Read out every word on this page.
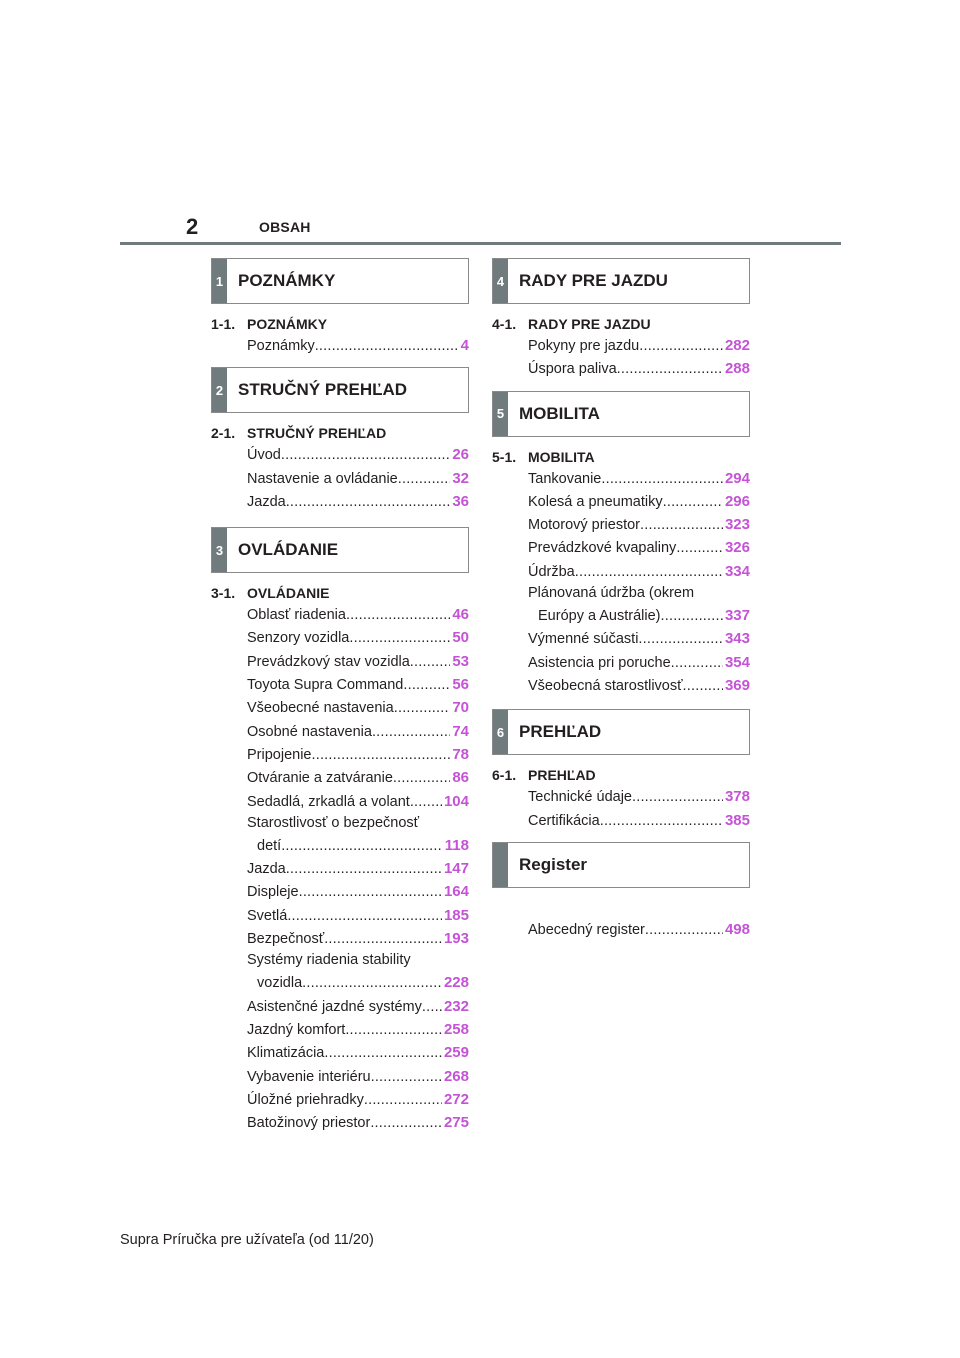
2	OBSAH
1 POZNÁMKY
1-1. POZNÁMKY
Poznámky .....	4
2 STRUČNÝ PREHĽAD
2-1. STRUČNÝ PREHĽAD
Úvod .....	26
Nastavenie a ovládanie .....	32
Jazda .....	36
3 OVLÁDANIE
3-1. OVLÁDANIE
Oblasť riadenia .....	46
Senzory vozidla .....	50
Prevádzkový stav vozidla .....	53
Toyota Supra Command .....	56
Všeobecné nastavenia .....	70
Osobné nastavenia .....	74
Pripojenie .....	78
Otváranie a zatváranie .....	86
Sedadlá, zrkadlá a volant ..... 104
Starostlivosť o bezpečnosť
detí .....	118
Jazda .....	147
Displeje .....	164
Svetlá .....	185
Bezpečnosť .....	193
Systémy riadenia stability
vozidla .....	228
Asistenčné jazdné systémy ..... 232
Jazdný komfort .....	258
Klimatizácia .....	259
Vybavenie interiéru .....	268
Úložné priehradky .....	272
Batožinový priestor .....	275
4 RADY PRE JAZDU
4-1. RADY PRE JAZDU
Pokyny pre jazdu .....	282
Úspora paliva .....	288
5 MOBILITA
5-1. MOBILITA
Tankovanie .....	294
Kolesá a pneumatiky .....	296
Motorový priestor .....	323
Prevádzkové kvapaliny .....	326
Údržba .....	334
Plánovaná údržba (okrem
Európy a Austrálie) .....	337
Výmenné súčasti .....	343
Asistencia pri poruche .....	354
Všeobecná starostlivosť .....	369
6 PREHĽAD
6-1. PREHĽAD
Technické údaje .....	378
Certifikácia .....	385
Register
Abecedný register .....	498
Supra Príručka pre užívateľa (od 11/20)
